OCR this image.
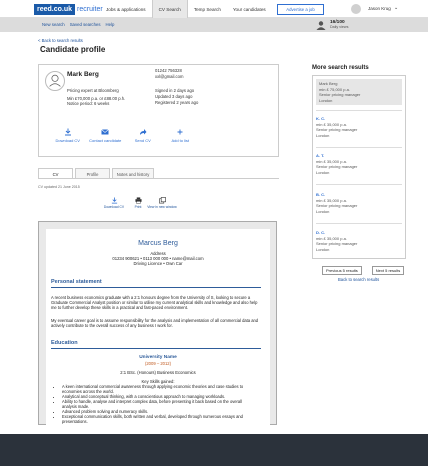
reed.co.uk recruiter Jobs & applications	CV Search	Temp Search	Your candidates	Advertise a job	Jason Krug ⌄
New search Saved searches Help	16/100
Daily views
< Back to search results
Candidate profile
Mark Berg
Pricing expert at Bloomberg
Min £70,000 p.a. or £88.00 p.h.
Notice period: 6 weeks
01242 756328
xxl@gmail.com
Signed in 2 days ago
Updated 3 days ago
Registered 2 years ago
Download CV Contact candidate	Send CV	Add to list
CV	Profile	Notes and history
CV updated 21 June 2015
Download CV	Print View in new window
Marcus Berg
Address
01234 900621 • 0113 000 000 • name@mail.com
Driving Licence • Own Car
Personal statement
A recent business economics graduate with a 2:1 honours degree from the University of S, looking to secure a Graduate Commercial Analyst position or similar to utilise my current analytical skills and knowledge and also help me to further develop these skills in a practical and fast-paced environment.
My eventual career goal is to assume responsibility for the analysis and implementation of all commercial data and actively contribute to the overall success of any business I work for.
Education
University Name
(2009 – 2012)
2:1 BSc. (Honours) Business Economics
Key Skills gained:
• A keen international commercial awareness through applying economic theories and case studies to economies across the world.
• Analytical and conceptual thinking, with a conscientious approach to managing workloads.
• Ability to handle, analyse and interpret complex data, before presenting it back based on the overall analysis made.
• Advanced problem solving and numeracy skills.
• Exceptional communication skills, both written and verbal, developed through numerous essays and presentations.
More search results
Mark Berg
min £ 75,000 p.a.
Senior pricing manager
London
K. C.
min £ 35,000 p.a.
Senior pricing manager
London
A. T.
min £ 35,000 p.a.
Senior pricing manager
London
B. C.
min £ 35,000 p.a.
Senior pricing manager
London
D. C.
min £ 35,000 p.a.
Senior pricing manager
London
Previous 5 results	Next 5 results
Back to search results
